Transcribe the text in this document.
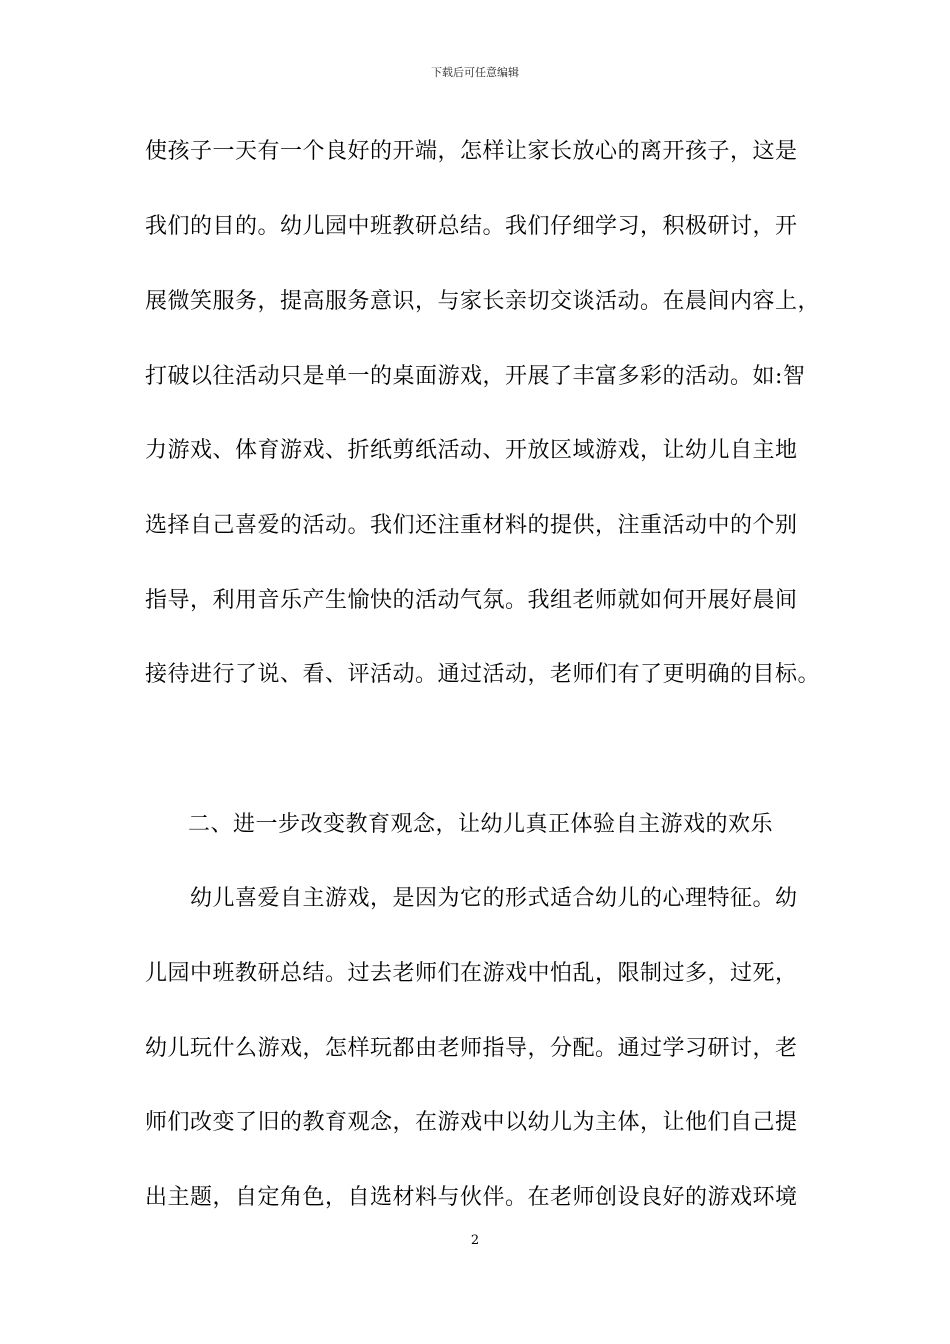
下载后可任意编辑
使孩子一天有一个良好的开端，怎样让家长放心的离开孩子，这是
我们的目的。幼儿园中班教研总结。我们仔细学习，积极研讨，开
展微笑服务，提高服务意识，与家长亲切交谈活动。在晨间内容上，
打破以往活动只是单一的桌面游戏，开展了丰富多彩的活动。如:智
力游戏、体育游戏、折纸剪纸活动、开放区域游戏，让幼儿自主地
选择自己喜爱的活动。我们还注重材料的提供，注重活动中的个别
指导，利用音乐产生愉快的活动气氛。我组老师就如何开展好晨间
接待进行了说、看、评活动。通过活动，老师们有了更明确的目标。
二、进一步改变教育观念，让幼儿真正体验自主游戏的欢乐
幼儿喜爱自主游戏，是因为它的形式适合幼儿的心理特征。幼
儿园中班教研总结。过去老师们在游戏中怕乱，限制过多，过死，
幼儿玩什么游戏，怎样玩都由老师指导，分配。通过学习研讨，老
师们改变了旧的教育观念，在游戏中以幼儿为主体，让他们自己提
出主题，自定角色，自选材料与伙伴。在老师创设良好的游戏环境
2
